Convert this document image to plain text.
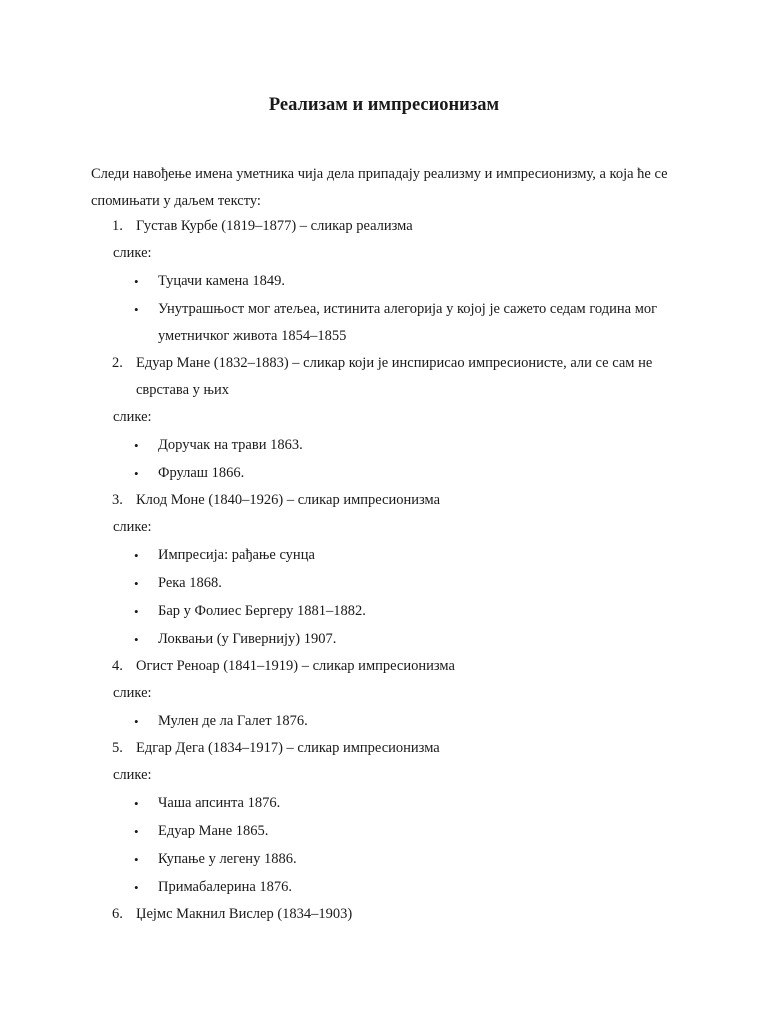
Реализам и импресионизам
Следи навођење имена уметника чија дела припадају реализму и импресионизму, а која ће се спомињати у даљем тексту:
1. Густав Курбе (1819–1877) – сликар реализма
слике:
• Туцачи камена 1849.
• Унутрашњост мог атељеа, истинита алегорија у којој је сажето седам година мог уметничког живота 1854–1855
2. Едуар Мане (1832–1883) – сликар који је инспирисао импресионисте, али се сам не сврстава у њих
слике:
• Доручак на трави 1863.
• Фрулаш 1866.
3. Клод Моне (1840–1926) – сликар импресионизма
слике:
• Импресија: рађање сунца
• Река 1868.
• Бар у Фолиес Бергеру 1881–1882.
• Локвањи (у Гивернију) 1907.
4. Огист Реноар (1841–1919) – сликар импресионизма
слике:
• Мулен де ла Галет 1876.
5. Едгар Дега (1834–1917) – сликар импресионизма
слике:
• Чаша апсинта 1876.
• Едуар Мане 1865.
• Купање у легену 1886.
• Примабалерина 1876.
6. Џејмс Макнил Вислер (1834–1903)
